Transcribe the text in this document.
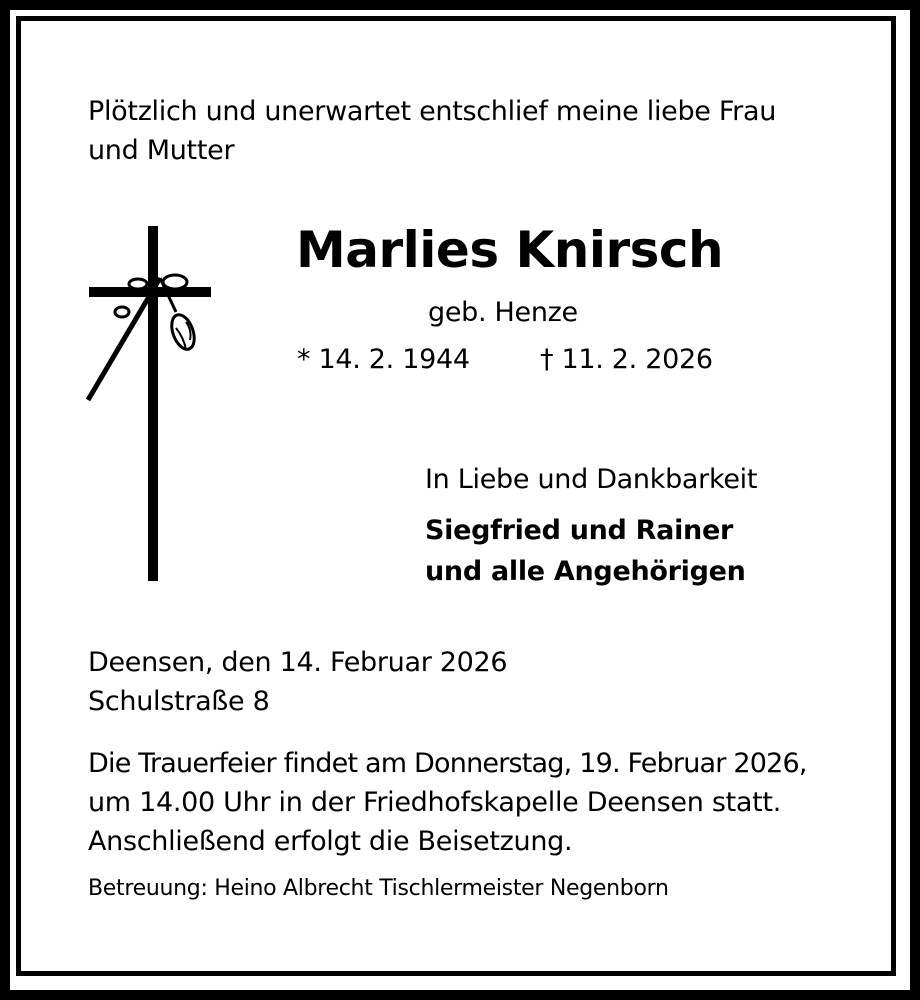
Plötzlich und unerwartet entschlief meine liebe Frau
und Mutter
Marlies Knirsch
geb. Henze
* 14. 2. 1944	† 11. 2. 2026
In Liebe und Dankbarkeit
Siegfried und Rainer
und alle Angehörigen
Deensen, den 14. Februar 2026
Schulstraße 8
Die Trauerfeier findet am Donnerstag, 19. Februar 2026,
um 14.00 Uhr in der Friedhofskapelle Deensen statt.
Anschließend erfolgt die Beisetzung.
Betreuung: Heino Albrecht Tischlermeister Negenborn
